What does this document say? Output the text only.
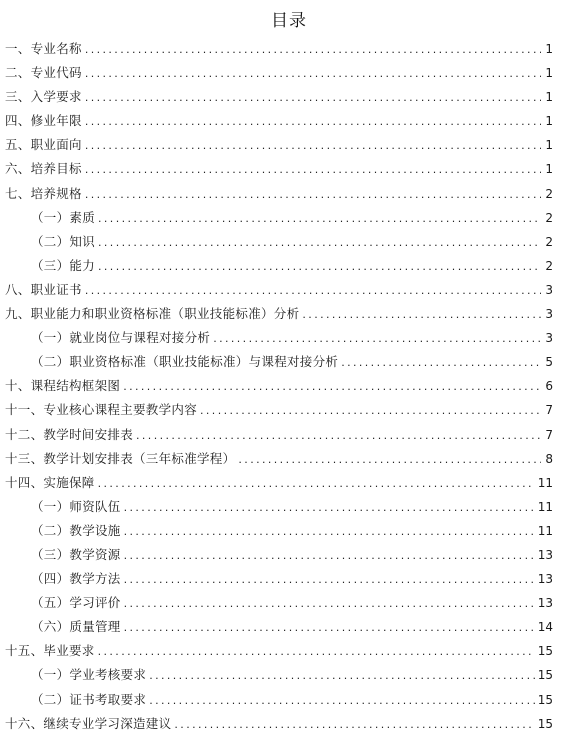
目录
一、专业名称 .....	1
二、专业代码 .....	1
三、入学要求 .....	1
四、修业年限 .....	1
五、职业面向 .....	1
六、培养目标 .....	1
七、培养规格 .....	2
（一）素质 .....	2
（二）知识 .....	2
（三）能力 .....	2
八、职业证书 .....	3
九、职业能力和职业资格标准（职业技能标准）分析 .....	3
（一）就业岗位与课程对接分析 .....	3
（二）职业资格标准（职业技能标准）与课程对接分析 .....	5
十、课程结构框架图 .....	6
十一、专业核心课程主要教学内容 .....	7
十二、教学时间安排表 .....	7
十三、教学计划安排表（三年标准学程） .....	8
十四、实施保障 .....	11
（一）师资队伍 .....	11
（二）教学设施 .....	11
（三）教学资源 .....	13
（四）教学方法 .....	13
（五）学习评价 .....	13
（六）质量管理 .....	14
十五、毕业要求 .....	15
（一）学业考核要求 .....	15
（二）证书考取要求 .....	15
十六、继续专业学习深造建议 .....	15
